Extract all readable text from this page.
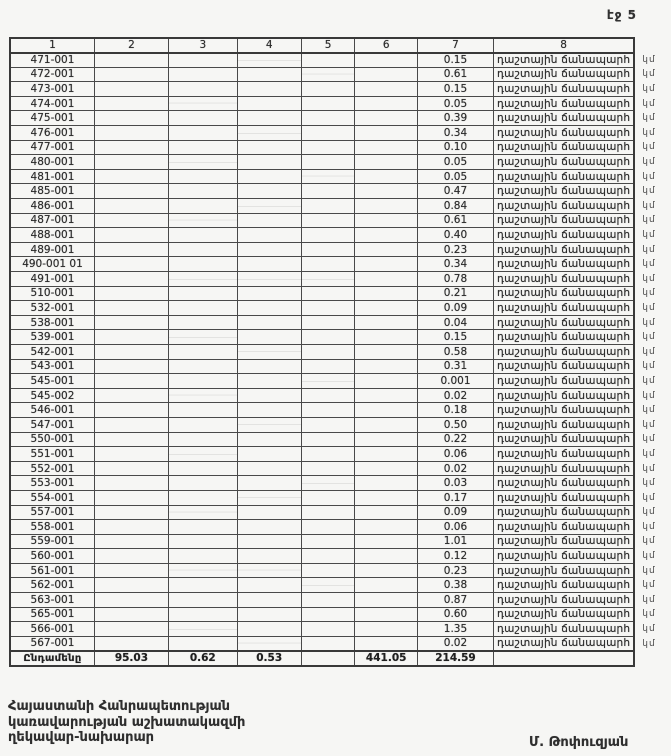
էջ 5
1	2	3	4	5	6	7	8	
471-001						0.15	դաշտային ճանապարհ	կմ
472-001						0.61	դաշտային ճանապարհ	կմ
473-001						0.15	դաշտային ճանապարհ	կմ
474-001						0.05	դաշտային ճանապարհ	կմ
475-001						0.39	դաշտային ճանապարհ	կմ
476-001						0.34	դաշտային ճանապարհ	կմ
477-001						0.10	դաշտային ճանապարհ	կմ
480-001						0.05	դաշտային ճանապարհ	կմ
481-001						0.05	դաշտային ճանապարհ	կմ
485-001						0.47	դաշտային ճանապարհ	կմ
486-001						0.84	դաշտային ճանապարհ	կմ
487-001						0.61	դաշտային ճանապարհ	կմ
488-001						0.40	դաշտային ճանապարհ	կմ
489-001						0.23	դաշտային ճանապարհ	կմ
490-001 01						0.34	դաշտային ճանապարհ	կմ
491-001						0.78	դաշտային ճանապարհ	կմ
510-001						0.21	դաշտային ճանապարհ	կմ
532-001						0.09	դաշտային ճանապարհ	կմ
538-001						0.04	դաշտային ճանապարհ	կմ
539-001						0.15	դաշտային ճանապարհ	կմ
542-001						0.58	դաշտային ճանապարհ	կմ
543-001						0.31	դաշտային ճանապարհ	կմ
545-001						0.001	դաշտային ճանապարհ	կմ
545-002						0.02	դաշտային ճանապարհ	կմ
546-001						0.18	դաշտային ճանապարհ	կմ
547-001						0.50	դաշտային ճանապարհ	կմ
550-001						0.22	դաշտային ճանապարհ	կմ
551-001						0.06	դաշտային ճանապարհ	կմ
552-001						0.02	դաշտային ճանապարհ	կմ
553-001						0.03	դաշտային ճանապարհ	կմ
554-001						0.17	դաշտային ճանապարհ	կմ
557-001						0.09	դաշտային ճանապարհ	կմ
558-001						0.06	դաշտային ճանապարհ	կմ
559-001						1.01	դաշտային ճանապարհ	կմ
560-001						0.12	դաշտային ճանապարհ	կմ
561-001						0.23	դաշտային ճանապարհ	կմ
562-001						0.38	դաշտային ճանապարհ	կմ
563-001						0.87	դաշտային ճանապարհ	կմ
565-001						0.60	դաշտային ճանապարհ	կմ
566-001						1.35	դաշտային ճանապարհ	կմ
567-001						0.02	դաշտային ճանապարհ	կմ
Ընդամենը	95.03	0.62	0.53		441.05	214.59		
Հայաստանի Հանրապետության
կառավարության աշխատակազմի
ղեկավար-նախարար	Մ. Թոփուզյան
